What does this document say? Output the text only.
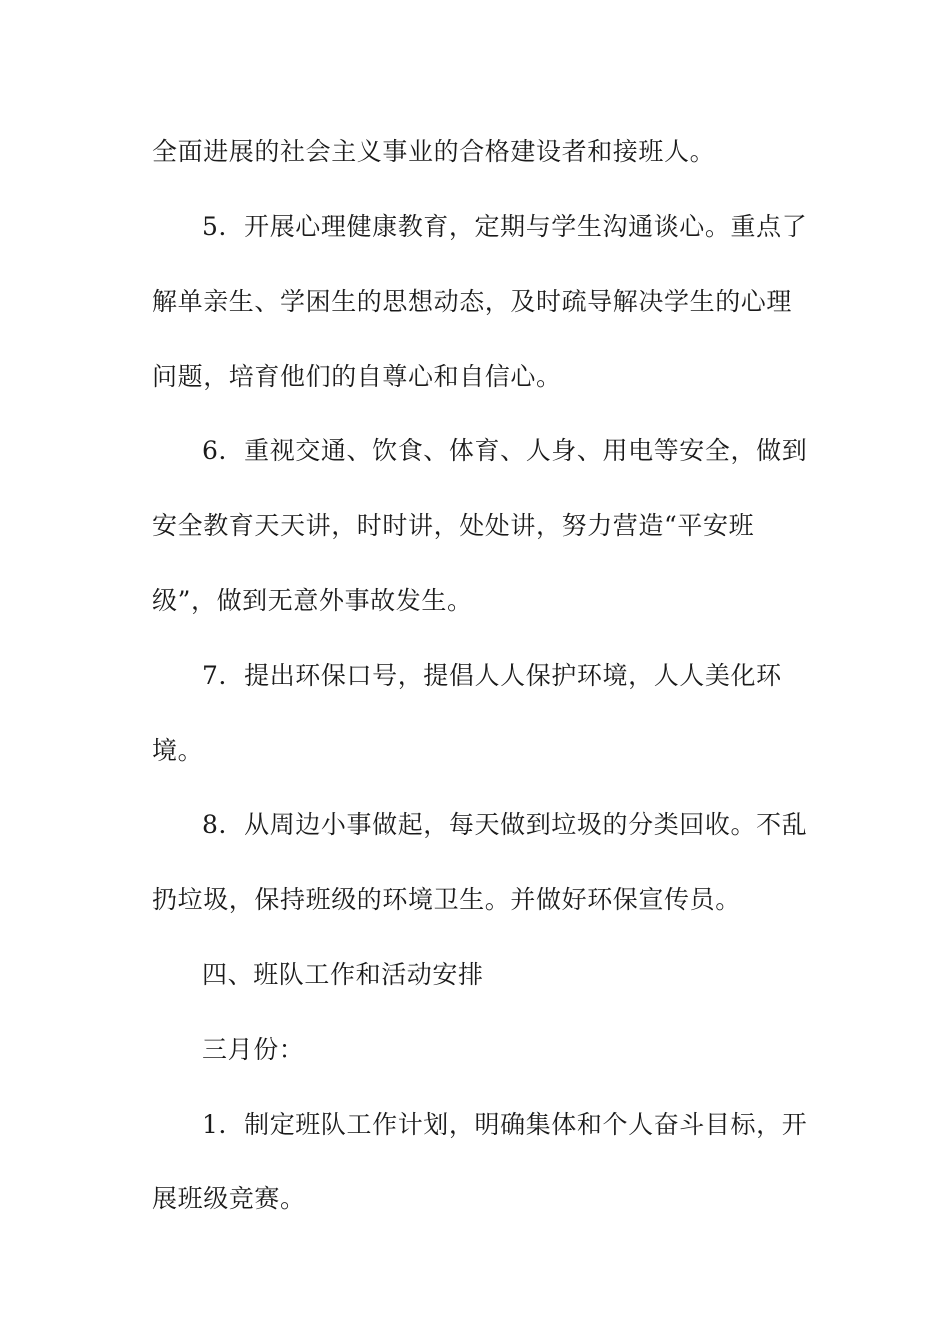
全面进展的社会主义事业的合格建设者和接班人。
5．开展心理健康教育，定期与学生沟通谈心。重点了
解单亲生、学困生的思想动态，及时疏导解决学生的心理
问题，培育他们的自尊心和自信心。
6．重视交通、饮食、体育、人身、用电等安全，做到
安全教育天天讲，时时讲，处处讲，努力营造“平安班
级”，做到无意外事故发生。
7．提出环保口号，提倡人人保护环境，人人美化环
境。
8．从周边小事做起，每天做到垃圾的分类回收。不乱
扔垃圾，保持班级的环境卫生。并做好环保宣传员。
四、班队工作和活动安排
三月份：
1．制定班队工作计划，明确集体和个人奋斗目标，开
展班级竞赛。
